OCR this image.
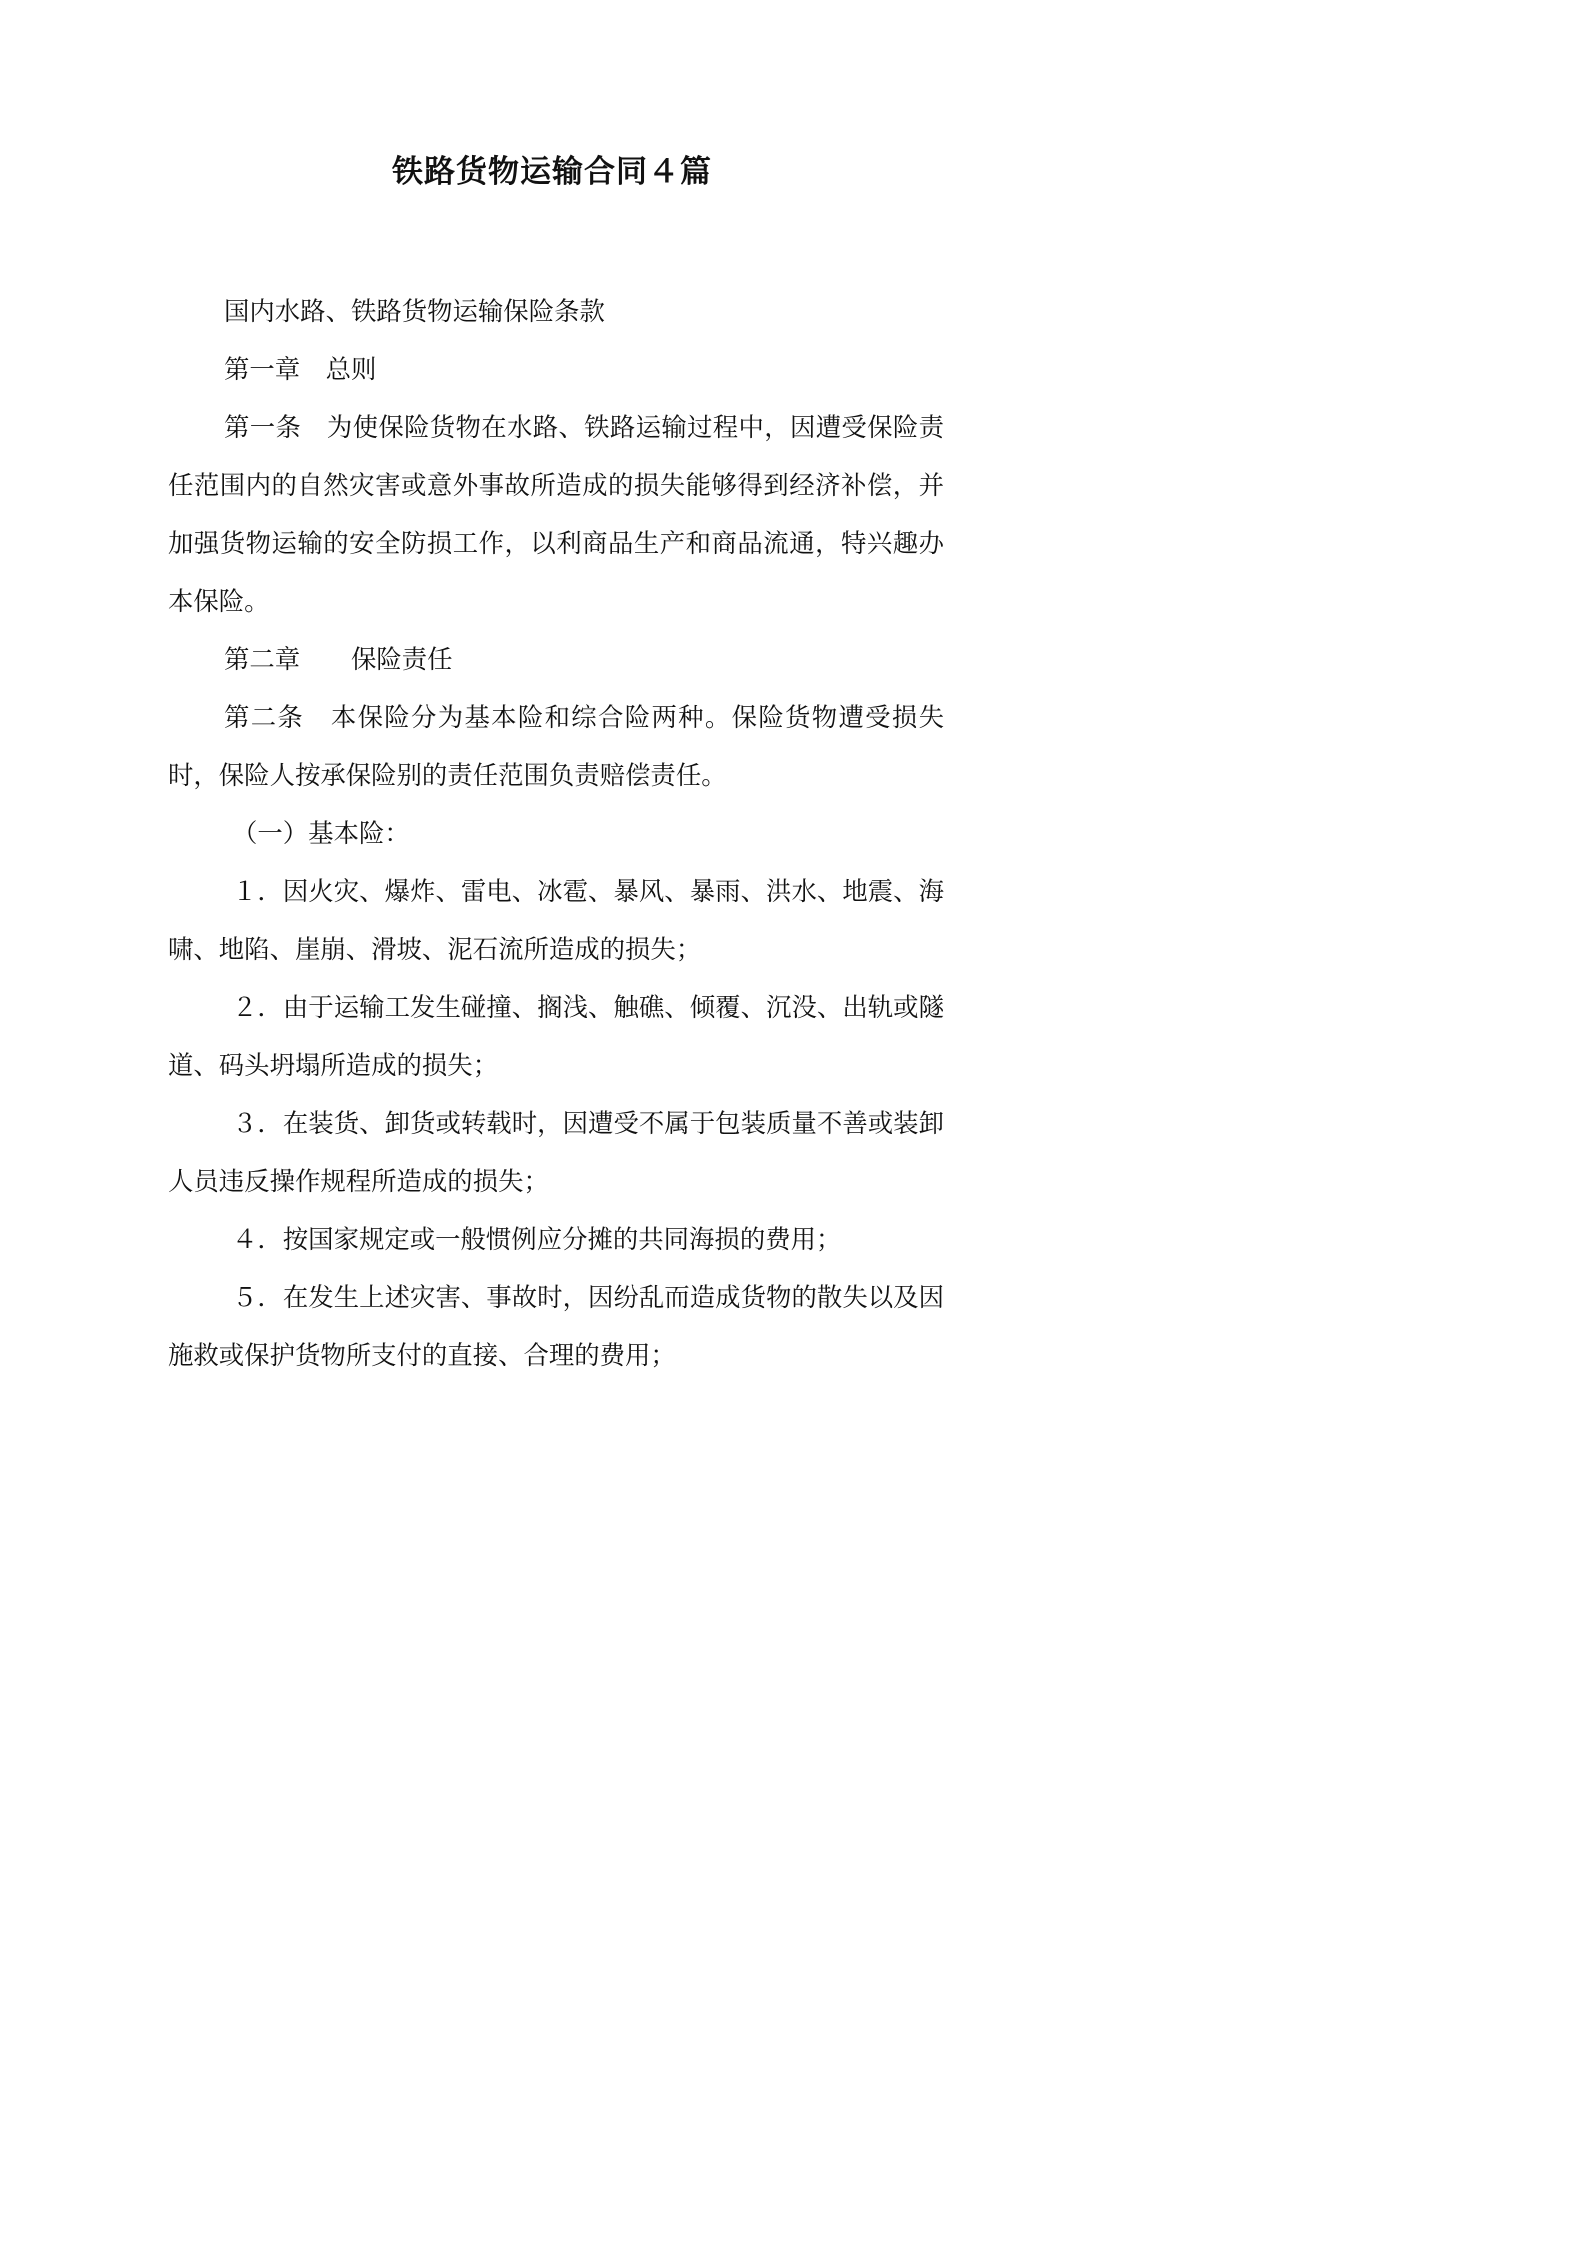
铁路货物运输合同４篇

国内水路、铁路货物运输保险条款

第一章　总则

第一条　为使保险货物在水路、铁路运输过程中，因遭受保险责任范围内的自然灾害或意外事故所造成的损失能够得到经济补偿，并加强货物运输的安全防损工作，以利商品生产和商品流通，特兴趣办本保险。

第二章　　保险责任

第二条　本保险分为基本险和综合险两种。保险货物遭受损失时，保险人按承保险别的责任范围负责赔偿责任。

（一）基本险：

１．因火灾、爆炸、雷电、冰雹、暴风、暴雨、洪水、地震、海啸、地陷、崖崩、滑坡、泥石流所造成的损失；

２．由于运输工发生碰撞、搁浅、触礁、倾覆、沉没、出轨或隧道、码头坍塌所造成的损失；

３．在装货、卸货或转载时，因遭受不属于包装质量不善或装卸人员违反操作规程所造成的损失；

４．按国家规定或一般惯例应分摊的共同海损的费用；

５．在发生上述灾害、事故时，因纷乱而造成货物的散失以及因施救或保护货物所支付的直接、合理的费用；
